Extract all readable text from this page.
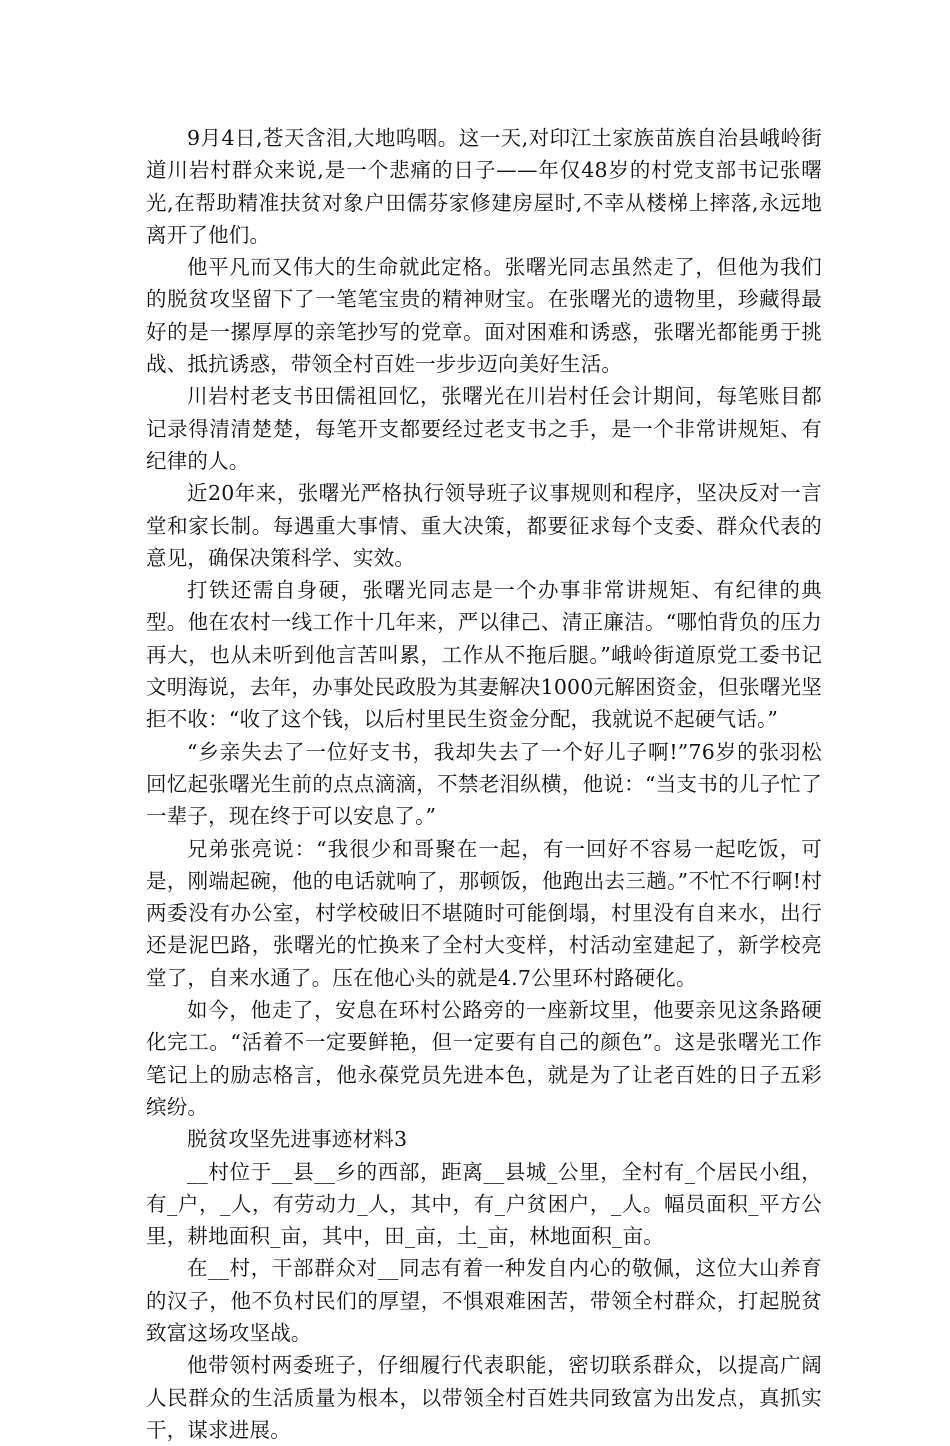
9月4日,苍天含泪,大地呜咽。这一天,对印江土家族苗族自治县峨岭街道川岩村群众来说,是一个悲痛的日子——年仅48岁的村党支部书记张曙光,在帮助精准扶贫对象户田儒芬家修建房屋时,不幸从楼梯上摔落,永远地离开了他们。

他平凡而又伟大的生命就此定格。张曙光同志虽然走了，但他为我们的脱贫攻坚留下了一笔笔宝贵的精神财宝。在张曙光的遗物里，珍藏得最好的是一摞厚厚的亲笔抄写的党章。面对困难和诱惑，张曙光都能勇于挑战、抵抗诱惑，带领全村百姓一步步迈向美好生活。

川岩村老支书田儒祖回忆，张曙光在川岩村任会计期间，每笔账目都记录得清清楚楚，每笔开支都要经过老支书之手，是一个非常讲规矩、有纪律的人。

近20年来，张曙光严格执行领导班子议事规则和程序，坚决反对一言堂和家长制。每遇重大事情、重大决策，都要征求每个支委、群众代表的意见，确保决策科学、实效。

打铁还需自身硬，张曙光同志是一个办事非常讲规矩、有纪律的典型。他在农村一线工作十几年来，严以律己、清正廉洁。“哪怕背负的压力再大，也从未听到他言苦叫累，工作从不拖后腿。”峨岭街道原党工委书记文明海说，去年，办事处民政股为其妻解决1000元解困资金，但张曙光坚拒不收：“收了这个钱，以后村里民生资金分配，我就说不起硬气话。”

“乡亲失去了一位好支书，我却失去了一个好儿子啊!”76岁的张羽松回忆起张曙光生前的点点滴滴，不禁老泪纵横，他说：“当支书的儿子忙了一辈子，现在终于可以安息了。”

兄弟张亮说：“我很少和哥聚在一起，有一回好不容易一起吃饭，可是，刚端起碗，他的电话就响了，那顿饭，他跑出去三趟。”不忙不行啊!村两委没有办公室，村学校破旧不堪随时可能倒塌，村里没有自来水，出行还是泥巴路，张曙光的忙换来了全村大变样，村活动室建起了，新学校亮堂了，自来水通了。压在他心头的就是4.7公里环村路硬化。

如今，他走了，安息在环村公路旁的一座新坟里，他要亲见这条路硬化完工。“活着不一定要鲜艳，但一定要有自己的颜色”。这是张曙光工作笔记上的励志格言，他永葆党员先进本色，就是为了让老百姓的日子五彩缤纷。

脱贫攻坚先进事迹材料3

__村位于__县__乡的西部，距离__县城_公里，全村有_个居民小组，有_户，_人，有劳动力_人，其中，有_户贫困户，_人。幅员面积_平方公里，耕地面积_亩，其中，田_亩，土_亩，林地面积_亩。

在__村，干部群众对__同志有着一种发自内心的敬佩，这位大山养育的汉子，他不负村民们的厚望，不惧艰难困苦，带领全村群众，打起脱贫致富这场攻坚战。

他带领村两委班子，仔细履行代表职能，密切联系群众，以提高广阔人民群众的生活质量为根本，以带领全村百姓共同致富为出发点，真抓实干，谋求进展。
